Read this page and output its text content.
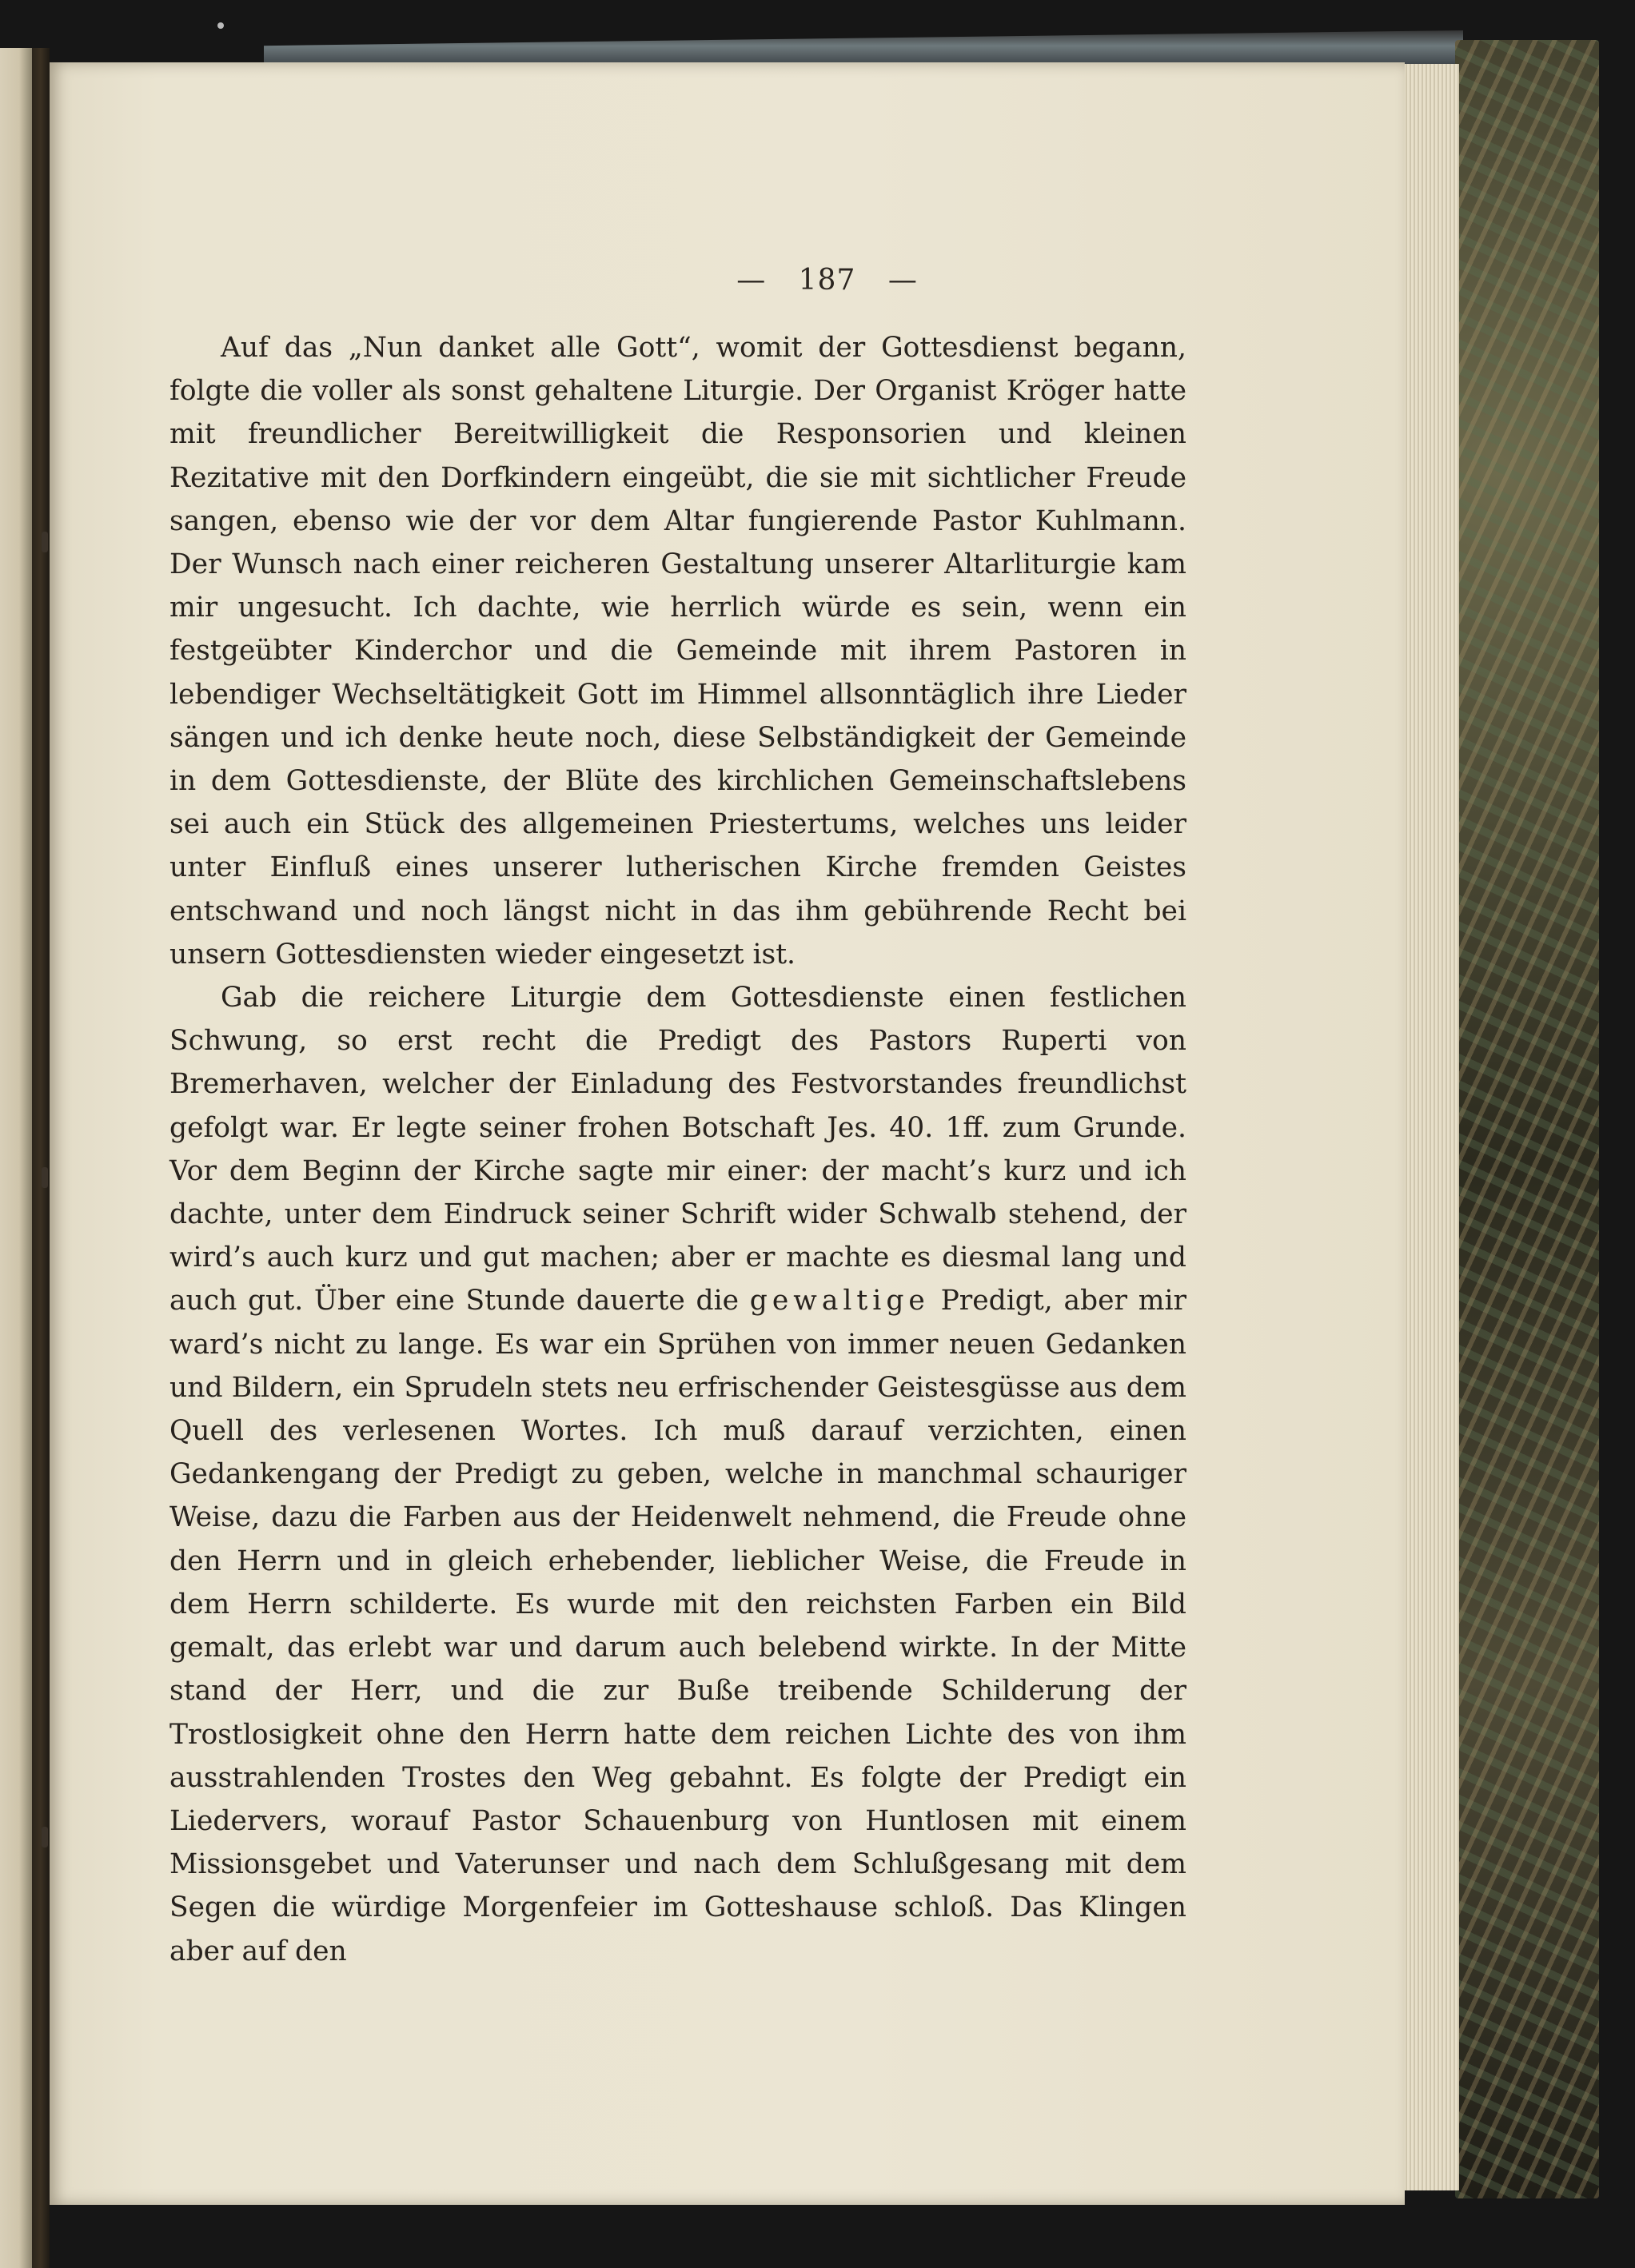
— 187 —

Auf das „Nun danket alle Gott“, womit der Gottesdienst begann, folgte die voller als sonst gehaltene Liturgie. Der Organist Kröger hatte mit freundlicher Bereitwilligkeit die Responsorien und kleinen Rezitative mit den Dorfkindern eingeübt, die sie mit sichtlicher Freude sangen, ebenso wie der vor dem Altar fungierende Pastor Kuhlmann. Der Wunsch nach einer reicheren Gestaltung unserer Altarliturgie kam mir ungesucht. Ich dachte, wie herrlich würde es sein, wenn ein festgeübter Kinderchor und die Gemeinde mit ihrem Pastoren in lebendiger Wechseltätigkeit Gott im Himmel allsonntäglich ihre Lieder sängen und ich denke heute noch, diese Selbständigkeit der Gemeinde in dem Gottesdienste, der Blüte des kirchlichen Gemeinschaftslebens sei auch ein Stück des allgemeinen Priestertums, welches uns leider unter Einfluß eines unserer lutherischen Kirche fremden Geistes entschwand und noch längst nicht in das ihm gebührende Recht bei unsern Gottesdiensten wieder eingesetzt ist.

Gab die reichere Liturgie dem Gottesdienste einen festlichen Schwung, so erst recht die Predigt des Pastors Ruperti von Bremerhaven, welcher der Einladung des Festvorstandes freundlichst gefolgt war. Er legte seiner frohen Botschaft Jes. 40. 1ff. zum Grunde. Vor dem Beginn der Kirche sagte mir einer: der macht’s kurz und ich dachte, unter dem Eindruck seiner Schrift wider Schwalb stehend, der wird’s auch kurz und gut machen; aber er machte es diesmal lang und auch gut. Über eine Stunde dauerte die gewaltige Predigt, aber mir ward’s nicht zu lange. Es war ein Sprühen von immer neuen Gedanken und Bildern, ein Sprudeln stets neu erfrischender Geistesgüsse aus dem Quell des verlesenen Wortes. Ich muß darauf verzichten, einen Gedankengang der Predigt zu geben, welche in manchmal schauriger Weise, dazu die Farben aus der Heidenwelt nehmend, die Freude ohne den Herrn und in gleich erhebender, lieblicher Weise, die Freude in dem Herrn schilderte. Es wurde mit den reichsten Farben ein Bild gemalt, das erlebt war und darum auch belebend wirkte. In der Mitte stand der Herr, und die zur Buße treibende Schilderung der Trostlosigkeit ohne den Herrn hatte dem reichen Lichte des von ihm ausstrahlenden Trostes den Weg gebahnt. Es folgte der Predigt ein Liedervers, worauf Pastor Schauenburg von Huntlosen mit einem Missionsgebet und Vaterunser und nach dem Schlußgesang mit dem Segen die würdige Morgenfeier im Gotteshause schloß. Das Klingen aber auf den
